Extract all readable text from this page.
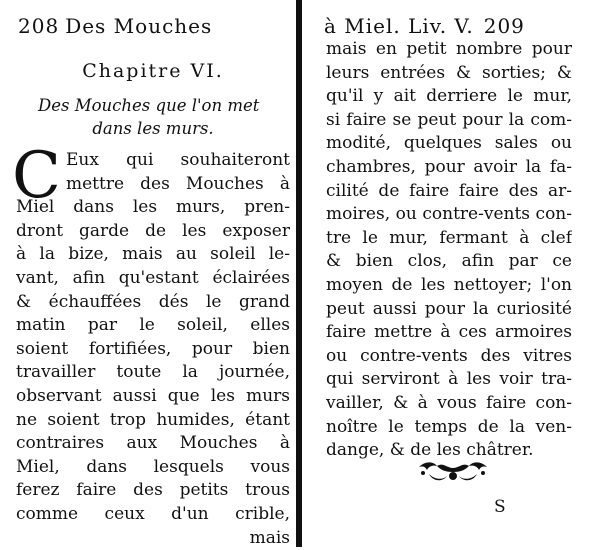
208 Des Mouches
Chapitre VI.
Des Mouches que l'on met
dans les murs.
C Eux qui souhaiteront
mettre des Mouches à
Miel dans les murs, pren-
dront garde de les exposer
à la bize, mais au soleil le-
vant, afin qu'estant éclairées
& échauffées dés le grand
matin par le soleil, elles
soient fortifiées, pour bien
travailler toute la journée,
observant aussi que les murs
ne soient trop humides, étant
contraires aux Mouches à
Miel, dans lesquels vous
ferez faire des petits trous
comme ceux d'un crible,
mais
à Miel. Liv. V. 209
mais en petit nombre pour
leurs entrées & sorties; &
qu'il y ait derriere le mur,
si faire se peut pour la com-
modité, quelques sales ou
chambres, pour avoir la fa-
cilité de faire faire des ar-
moires, ou contre-vents con-
tre le mur, fermant à clef
& bien clos, afin par ce
moyen de les nettoyer; l'on
peut aussi pour la curiosité
faire mettre à ces armoires
ou contre-vents des vitres
qui serviront à les voir tra-
vailler, & à vous faire con-
noître le temps de la ven-
dange, & de les châtrer.
S
